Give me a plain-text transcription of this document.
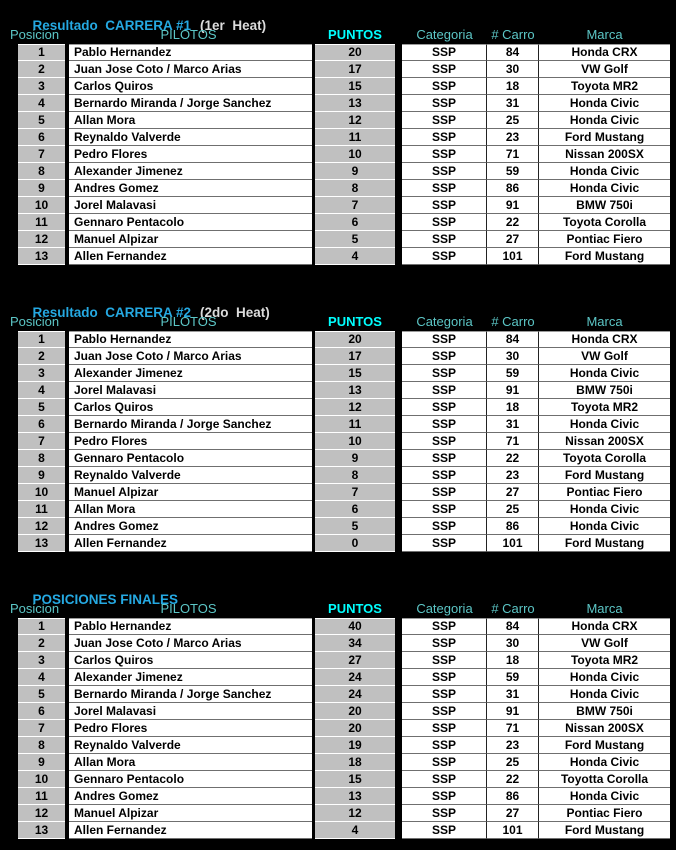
Resultado  CARRERA #1 (1er  Heat)

Posicion	PILOTOS	PUNTOS	Categoria	# Carro	Marca
1	Pablo Hernandez	20	SSP	84	Honda CRX
2	Juan Jose Coto / Marco Arias	17	SSP	30	VW Golf
3	Carlos Quiros	15	SSP	18	Toyota MR2
4	Bernardo Miranda / Jorge Sanchez	13	SSP	31	Honda Civic
5	Allan Mora	12	SSP	25	Honda Civic
6	Reynaldo Valverde	11	SSP	23	Ford Mustang
7	Pedro Flores	10	SSP	71	Nissan 200SX
8	Alexander Jimenez	9	SSP	59	Honda Civic
9	Andres Gomez	8	SSP	86	Honda Civic
10	Jorel Malavasi	7	SSP	91	BMW 750i
11	Gennaro Pentacolo	6	SSP	22	Toyota Corolla
12	Manuel Alpizar	5	SSP	27	Pontiac Fiero
13	Allen Fernandez	4	SSP	101	Ford Mustang

Resultado  CARRERA #2 (2do  Heat)

Posicion	PILOTOS	PUNTOS	Categoria	# Carro	Marca
1	Pablo Hernandez	20	SSP	84	Honda CRX
2	Juan Jose Coto / Marco Arias	17	SSP	30	VW Golf
3	Alexander Jimenez	15	SSP	59	Honda Civic
4	Jorel Malavasi	13	SSP	91	BMW 750i
5	Carlos Quiros	12	SSP	18	Toyota MR2
6	Bernardo Miranda / Jorge Sanchez	11	SSP	31	Honda Civic
7	Pedro Flores	10	SSP	71	Nissan 200SX
8	Gennaro Pentacolo	9	SSP	22	Toyota Corolla
9	Reynaldo Valverde	8	SSP	23	Ford Mustang
10	Manuel Alpizar	7	SSP	27	Pontiac Fiero
11	Allan Mora	6	SSP	25	Honda Civic
12	Andres Gomez	5	SSP	86	Honda Civic
13	Allen Fernandez	0	SSP	101	Ford Mustang

POSICIONES FINALES

Posicion	PILOTOS	PUNTOS	Categoria	# Carro	Marca
1	Pablo Hernandez	40	SSP	84	Honda CRX
2	Juan Jose Coto / Marco Arias	34	SSP	30	VW Golf
3	Carlos Quiros	27	SSP	18	Toyota MR2
4	Alexander Jimenez	24	SSP	59	Honda Civic
5	Bernardo Miranda / Jorge Sanchez	24	SSP	31	Honda Civic
6	Jorel Malavasi	20	SSP	91	BMW 750i
7	Pedro Flores	20	SSP	71	Nissan 200SX
8	Reynaldo Valverde	19	SSP	23	Ford Mustang
9	Allan Mora	18	SSP	25	Honda Civic
10	Gennaro Pentacolo	15	SSP	22	Toyotta Corolla
11	Andres Gomez	13	SSP	86	Honda Civic
12	Manuel Alpizar	12	SSP	27	Pontiac Fiero
13	Allen Fernandez	4	SSP	101	Ford Mustang
